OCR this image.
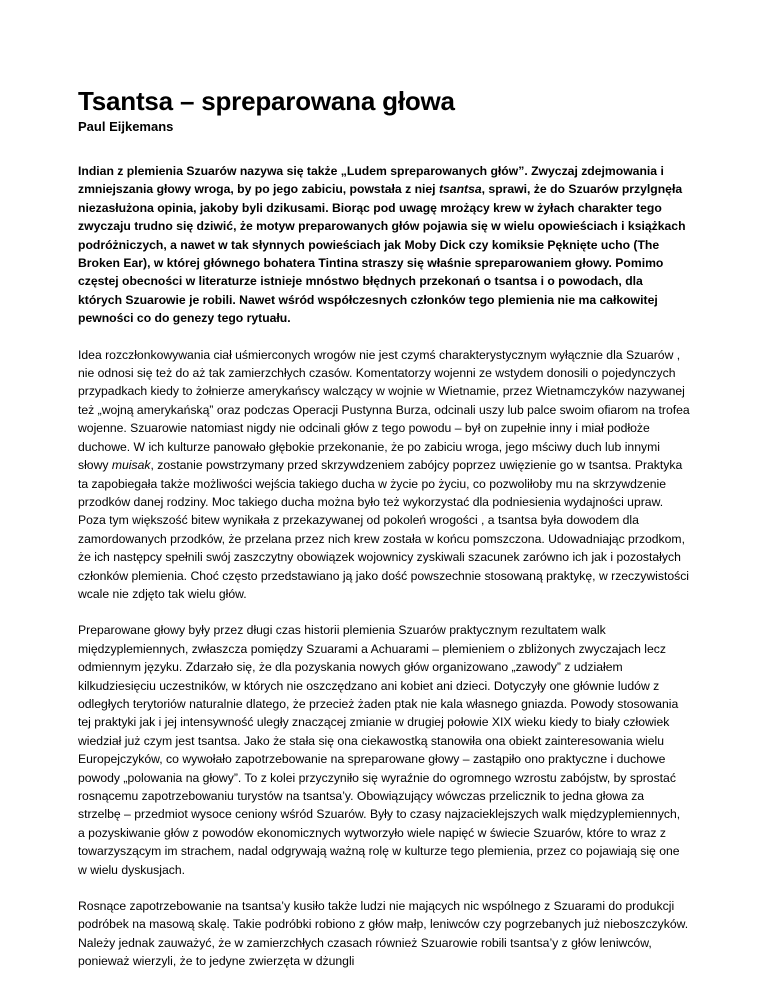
Tsantsa – spreparowana głowa
Paul Eijkemans

Indian z plemienia Szuarów nazywa się także „Ludem spreparowanych głów”. Zwyczaj zdejmowania i zmniejszania głowy wroga, by po jego zabiciu, powstała z niej tsantsa, sprawi, że do Szuarów przylgnęła niezasłużona opinia, jakoby byli dzikusami. Biorąc pod uwagę mrożący krew w żyłach charakter tego zwyczaju trudno się dziwić, że motyw preparowanych głów pojawia się w wielu opowieściach i książkach podróżniczych, a nawet w tak słynnych powieściach jak Moby Dick czy komiksie Pęknięte ucho (The Broken Ear), w której głównego bohatera Tintina straszy się właśnie spreparowaniem głowy. Pomimo częstej obecności w literaturze istnieje mnóstwo błędnych przekonań o tsantsa i o powodach, dla których Szuarowie je robili. Nawet wśród współczesnych członków tego plemienia nie ma całkowitej pewności co do genezy tego rytuału.

Idea rozczłonkowywania ciał uśmierconych wrogów nie jest czymś charakterystycznym wyłącznie dla Szuarów , nie odnosi się też do aż tak zamierzchłych czasów. Komentatorzy wojenni ze wstydem donosili o pojedynczych przypadkach kiedy to żołnierze amerykańscy walczący w wojnie w Wietnamie, przez Wietnamczyków nazywanej też „wojną amerykańską” oraz podczas Operacji Pustynna Burza, odcinali uszy lub palce swoim ofiarom na trofea wojenne. Szuarowie natomiast nigdy nie odcinali głów z tego powodu – był on zupełnie inny i miał podłoże duchowe. W ich kulturze panowało głębokie przekonanie, że po zabiciu wroga, jego mściwy duch lub innymi słowy muisak, zostanie powstrzymany przed skrzywdzeniem zabójcy poprzez uwięzienie go w tsantsa. Praktyka ta zapobiegała także możliwości wejścia takiego ducha w życie po życiu, co pozwoliłoby mu na skrzywdzenie przodków danej rodziny. Moc takiego ducha można było też wykorzystać dla podniesienia wydajności upraw. Poza tym większość bitew wynikała z przekazywanej od pokoleń wrogości , a tsantsa była dowodem dla zamordowanych przodków, że przelana przez nich krew została w końcu pomszczona. Udowadniając przodkom, że ich następcy spełnili swój zaszczytny obowiązek wojownicy zyskiwali szacunek zarówno ich jak i pozostałych członków plemienia. Choć często przedstawiano ją jako dość powszechnie stosowaną praktykę, w rzeczywistości wcale nie zdjęto tak wielu głów.

Preparowane głowy były przez długi czas historii plemienia Szuarów praktycznym rezultatem walk międzyplemiennych, zwłaszcza pomiędzy Szuarami a Achuarami – plemieniem o zbliżonych zwyczajach lecz odmiennym języku. Zdarzało się, że dla pozyskania nowych głów organizowano „zawody” z udziałem kilkudziesięciu uczestników, w których nie oszczędzano ani kobiet ani dzieci. Dotyczyły one głównie ludów z odległych terytoriów naturalnie dlatego, że przecież żaden ptak nie kala własnego gniazda. Powody stosowania tej praktyki jak i jej intensywność uległy znaczącej zmianie w drugiej połowie XIX wieku kiedy to biały człowiek wiedział już czym jest tsantsa. Jako że stała się ona ciekawostką stanowiła ona obiekt zainteresowania wielu Europejczyków, co wywołało zapotrzebowanie na spreparowane głowy – zastąpiło ono praktyczne i duchowe powody „polowania na głowy”. To z kolei przyczyniło się wyraźnie do ogromnego wzrostu zabójstw, by sprostać rosnącemu zapotrzebowaniu turystów na tsantsa’y. Obowiązujący wówczas przelicznik to jedna głowa za strzelbę – przedmiot wysoce ceniony wśród Szuarów. Były to czasy najzacieklejszych walk międzyplemiennych, a pozyskiwanie głów z powodów ekonomicznych wytworzyło wiele napięć w świecie Szuarów, które to wraz z towarzyszącym im strachem, nadal odgrywają ważną rolę w kulturze tego plemienia, przez co pojawiają się one w wielu dyskusjach.

Rosnące zapotrzebowanie na tsantsa’y kusiło także ludzi nie mających nic wspólnego z Szuarami do produkcji podróbek na masową skalę. Takie podróbki robiono z głów małp, leniwców czy pogrzebanych już nieboszczyków. Należy jednak zauważyć, że w zamierzchłych czasach również Szuarowie robili tsantsa’y z głów leniwców, ponieważ wierzyli, że to jedyne zwierzęta w dżungli
